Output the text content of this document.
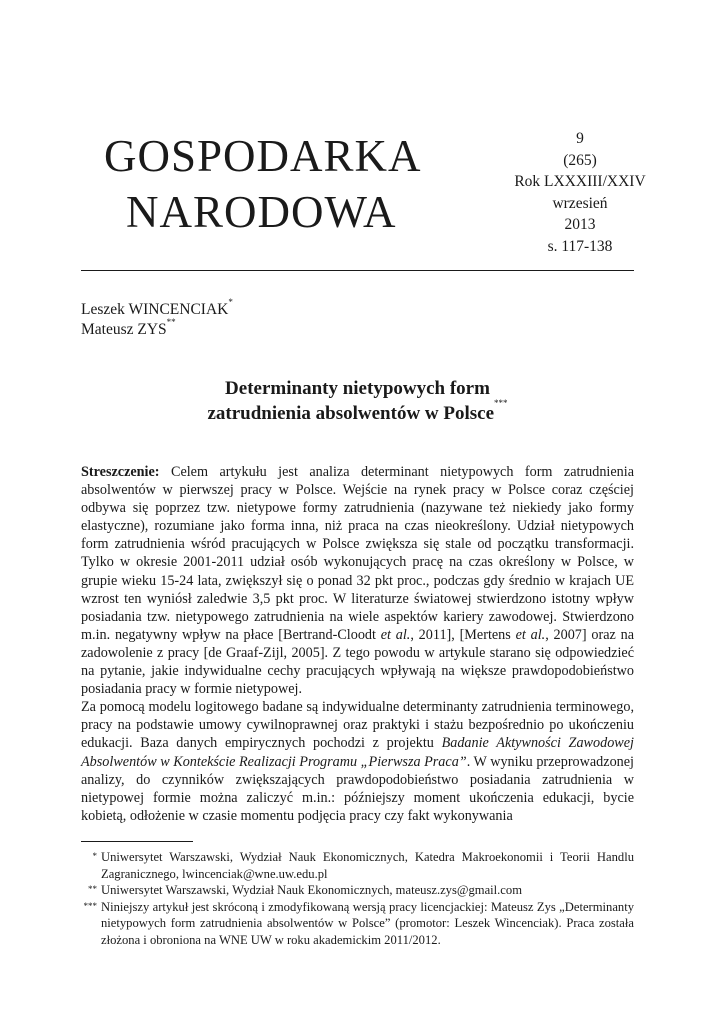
GOSPODARKA
NARODOWA
9
(265)
Rok LXXXIII/XXIV
wrzesień
2013
s. 117-138
Leszek WINCENCIAK*
Mateusz ZYS**
Determinanty nietypowych form
zatrudnienia absolwentów w Polsce***

Streszczenie: Celem artykułu jest analiza determinant nietypowych form zatrudnienia absolwentów w pierwszej pracy w Polsce. Wejście na rynek pracy w Polsce coraz częściej odbywa się poprzez tzw. nietypowe formy zatrudnienia (nazywane też niekiedy jako formy elastyczne), rozumiane jako forma inna, niż praca na czas nieokreślony. Udział nietypowych form zatrudnienia wśród pracujących w Polsce zwiększa się stale od początku transformacji. Tylko w okresie 2001-2011 udział osób wykonujących pracę na czas określony w Polsce, w grupie wieku 15-24 lata, zwiększył się o ponad 32 pkt proc., podczas gdy średnio w krajach UE wzrost ten wyniósł zaledwie 3,5 pkt proc. W literaturze światowej stwierdzono istotny wpływ posiadania tzw. nietypowego zatrudnienia na wiele aspektów kariery zawodowej. Stwierdzono m.in. negatywny wpływ na płace [Bertrand-Cloodt et al., 2011], [Mertens et al., 2007] oraz na zadowolenie z pracy [de Graaf-Zijl, 2005]. Z tego powodu w artykule starano się odpowiedzieć na pytanie, jakie indywidualne cechy pracujących wpływają na większe prawdopodobieństwo posiadania pracy w formie nietypowej.

Za pomocą modelu logitowego badane są indywidualne determinanty zatrudnienia terminowego, pracy na podstawie umowy cywilnoprawnej oraz praktyki i stażu bezpośrednio po ukończeniu edukacji. Baza danych empirycznych pochodzi z projektu Badanie Aktywności Zawodowej Absolwentów w Kontekście Realizacji Programu „Pierwsza Praca”. W wyniku przeprowadzonej analizy, do czynników zwiększających prawdopodobieństwo posiadania zatrudnienia w nietypowej formie można zaliczyć m.in.: późniejszy moment ukończenia edukacji, bycie kobietą, odłożenie w czasie momentu podjęcia pracy czy fakt wykonywania

* Uniwersytet Warszawski, Wydział Nauk Ekonomicznych, Katedra Makroekonomii i Teorii Handlu Zagranicznego, lwincenciak@wne.uw.edu.pl
** Uniwersytet Warszawski, Wydział Nauk Ekonomicznych, mateusz.zys@gmail.com
*** Niniejszy artykuł jest skróconą i zmodyfikowaną wersją pracy licencjackiej: Mateusz Zys „Determinanty nietypowych form zatrudnienia absolwentów w Polsce” (promotor: Leszek Wincenciak). Praca została złożona i obroniona na WNE UW w roku akademickim 2011/2012.
